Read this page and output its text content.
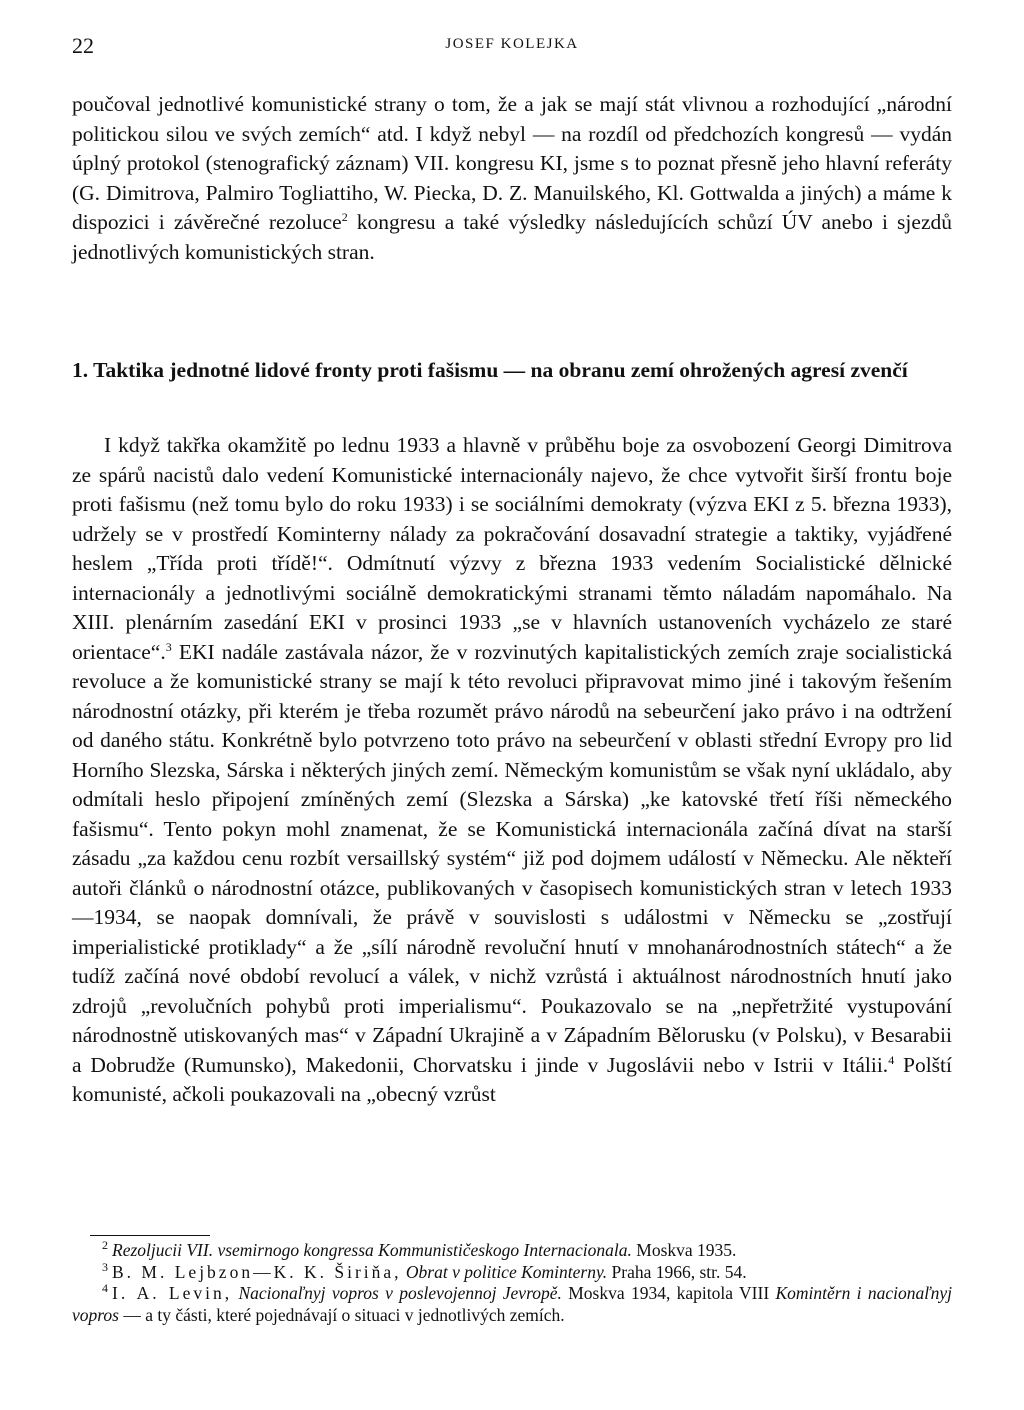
22	JOSEF KOLEJKA

poučoval jednotlivé komunistické strany o tom, že a jak se mají stát vlivnou a rozhodující „národní politickou silou ve svých zemích“ atd. I když nebyl — na rozdíl od předchozích kongresů — vydán úplný protokol (stenografický záznam) VII. kongresu KI, jsme s to poznat přesně jeho hlavní referáty (G. Dimitrova, Palmiro Togliattiho, W. Piecka, D. Z. Manuilského, Kl. Gottwalda a jiných) a máme k dispozici i závěrečné rezoluce$^2$ kongresu a také výsledky následujících schůzí ÚV anebo i sjezdů jednotlivých komunistických stran.

1. Taktika jednotné lidové fronty proti fašismu — na obranu zemí ohrožených agresí zvenčí

I když takřka okamžitě po lednu 1933 a hlavně v průběhu boje za osvobození Georgi Dimitrova ze spárů nacistů dalo vedení Komunistické internacionály najevo, že chce vytvořit širší frontu boje proti fašismu (než tomu bylo do roku 1933) i se sociálními demokraty (výzva EKI z 5. března 1933), udržely se v prostředí Kominterny nálady za pokračování dosavadní strategie a taktiky, vyjádřené heslem „Třída proti třídě!“. Odmítnutí výzvy z března 1933 vedením Socialistické dělnické internacionály a jednotlivými sociálně demokratickými stranami těmto náladám napomáhalo. Na XIII. plenárním zasedání EKI v prosinci 1933 „se v hlavních ustanoveních vycházelo ze staré orientace“.$^3$ EKI nadále zastávala názor, že v rozvinutých kapitalistických zemích zraje socialistická revoluce a že komunistické strany se mají k této revoluci připravovat mimo jiné i takovým řešením národnostní otázky, při kterém je třeba rozumět právo národů na sebeurčení jako právo i na odtržení od daného státu. Konkrétně bylo potvrzeno toto právo na sebeurčení v oblasti střední Evropy pro lid Horního Slezska, Sárska i některých jiných zemí. Německým komunistům se však nyní ukládalo, aby odmítali heslo připojení zmíněných zemí (Slezska a Sárska) „ke katovské třetí říši německého fašismu“. Tento pokyn mohl znamenat, že se Komunistická internacionála začíná dívat na starší zásadu „za každou cenu rozbít versaillský systém“ již pod dojmem událostí v Německu. Ale někteří autoři článků o národnostní otázce, publikovaných v časopisech komunistických stran v letech 1933—1934, se naopak domnívali, že právě v souvislosti s událostmi v Německu se „zostřují imperialistické protiklady“ a že „sílí národně revoluční hnutí v mnohanárodnostních státech“ a že tudíž začíná nové období revolucí a válek, v nichž vzrůstá i aktuálnost národnostních hnutí jako zdrojů „revolučních pohybů proti imperialismu“. Poukazovalo se na „nepřetržité vystupování národnostně utiskovaných mas“ v Západní Ukrajině a v Západním Bělorusku (v Polsku), v Besarabii a Dobrudže (Rumunsko), Makedonii, Chorvatsku i jinde v Jugoslávii nebo v Istrii v Itálii.$^4$ Polští komunisté, ačkoli poukazovali na „obecný vzrůst

$^2$ Rezoljucii VII. vsemirnogo kongressa Kommunističeskogo Internacionala. Moskva 1935.

$^3$ B. M. Lejbzon—K. K. Širiňa, Obrat v politice Kominterny. Praha 1966, str. 54.

$^4$ I. A. Levin, Nacionaľnyj vopros v poslevojennoj Jevropě. Moskva 1934, kapitola VIII Komintěrn i nacionaľnyj vopros — a ty části, které pojednávají o situaci v jednotlivých zemích.
